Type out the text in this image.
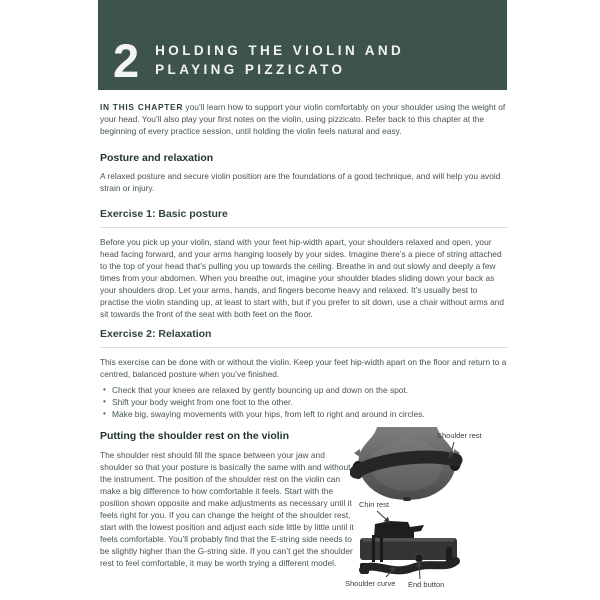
2 HOLDING THE VIOLIN AND
PLAYING PIZZICATO

IN THIS CHAPTER you’ll learn how to support your violin comfortably on your shoulder using the weight of your head. You’ll also play your first notes on the violin, using pizzicato. Refer back to this chapter at the beginning of every practice session, until holding the violin feels natural and easy.

Posture and relaxation

A relaxed posture and secure violin position are the foundations of a good technique, and will help you avoid strain or injury.

Exercise 1: Basic posture

Before you pick up your violin, stand with your feet hip-width apart, your shoulders relaxed and open, your head facing forward, and your arms hanging loosely by your sides. Imagine there’s a piece of string attached to the top of your head that’s pulling you up towards the ceiling. Breathe in and out slowly and deeply a few times from your abdomen. When you breathe out, imagine your shoulder blades sliding down your back as your shoulders drop. Let your arms, hands, and fingers become heavy and relaxed. It’s usually best to practise the violin standing up, at least to start with, but if you prefer to sit down, use a chair without arms and sit towards the front of the seat with both feet on the floor.

Exercise 2: Relaxation

This exercise can be done with or without the violin. Keep your feet hip-width apart on the floor and return to a centred, balanced posture when you’ve finished.

• Check that your knees are relaxed by gently bouncing up and down on the spot.
• Shift your body weight from one foot to the other.
• Make big, swaying movements with your hips, from left to right and around in circles.
Putting the shoulder rest on the violin

The shoulder rest should fill the space between your jaw and shoulder so that your posture is basically the same with and without the instrument. The position of the shoulder rest on the violin can make a big difference to how comfortable it feels. Start with the position shown opposite and make adjustments as necessary until it feels right for you. If you can change the height of the shoulder rest, start with the lowest position and adjust each side little by little until it feels comfortable. You’ll probably find that the E-string side needs to be slightly higher than the G-string side. If you can’t get the shoulder rest to feel comfortable, it may be worth trying a different model.

Shoulder rest
Chin rest
Shoulder curve End button
